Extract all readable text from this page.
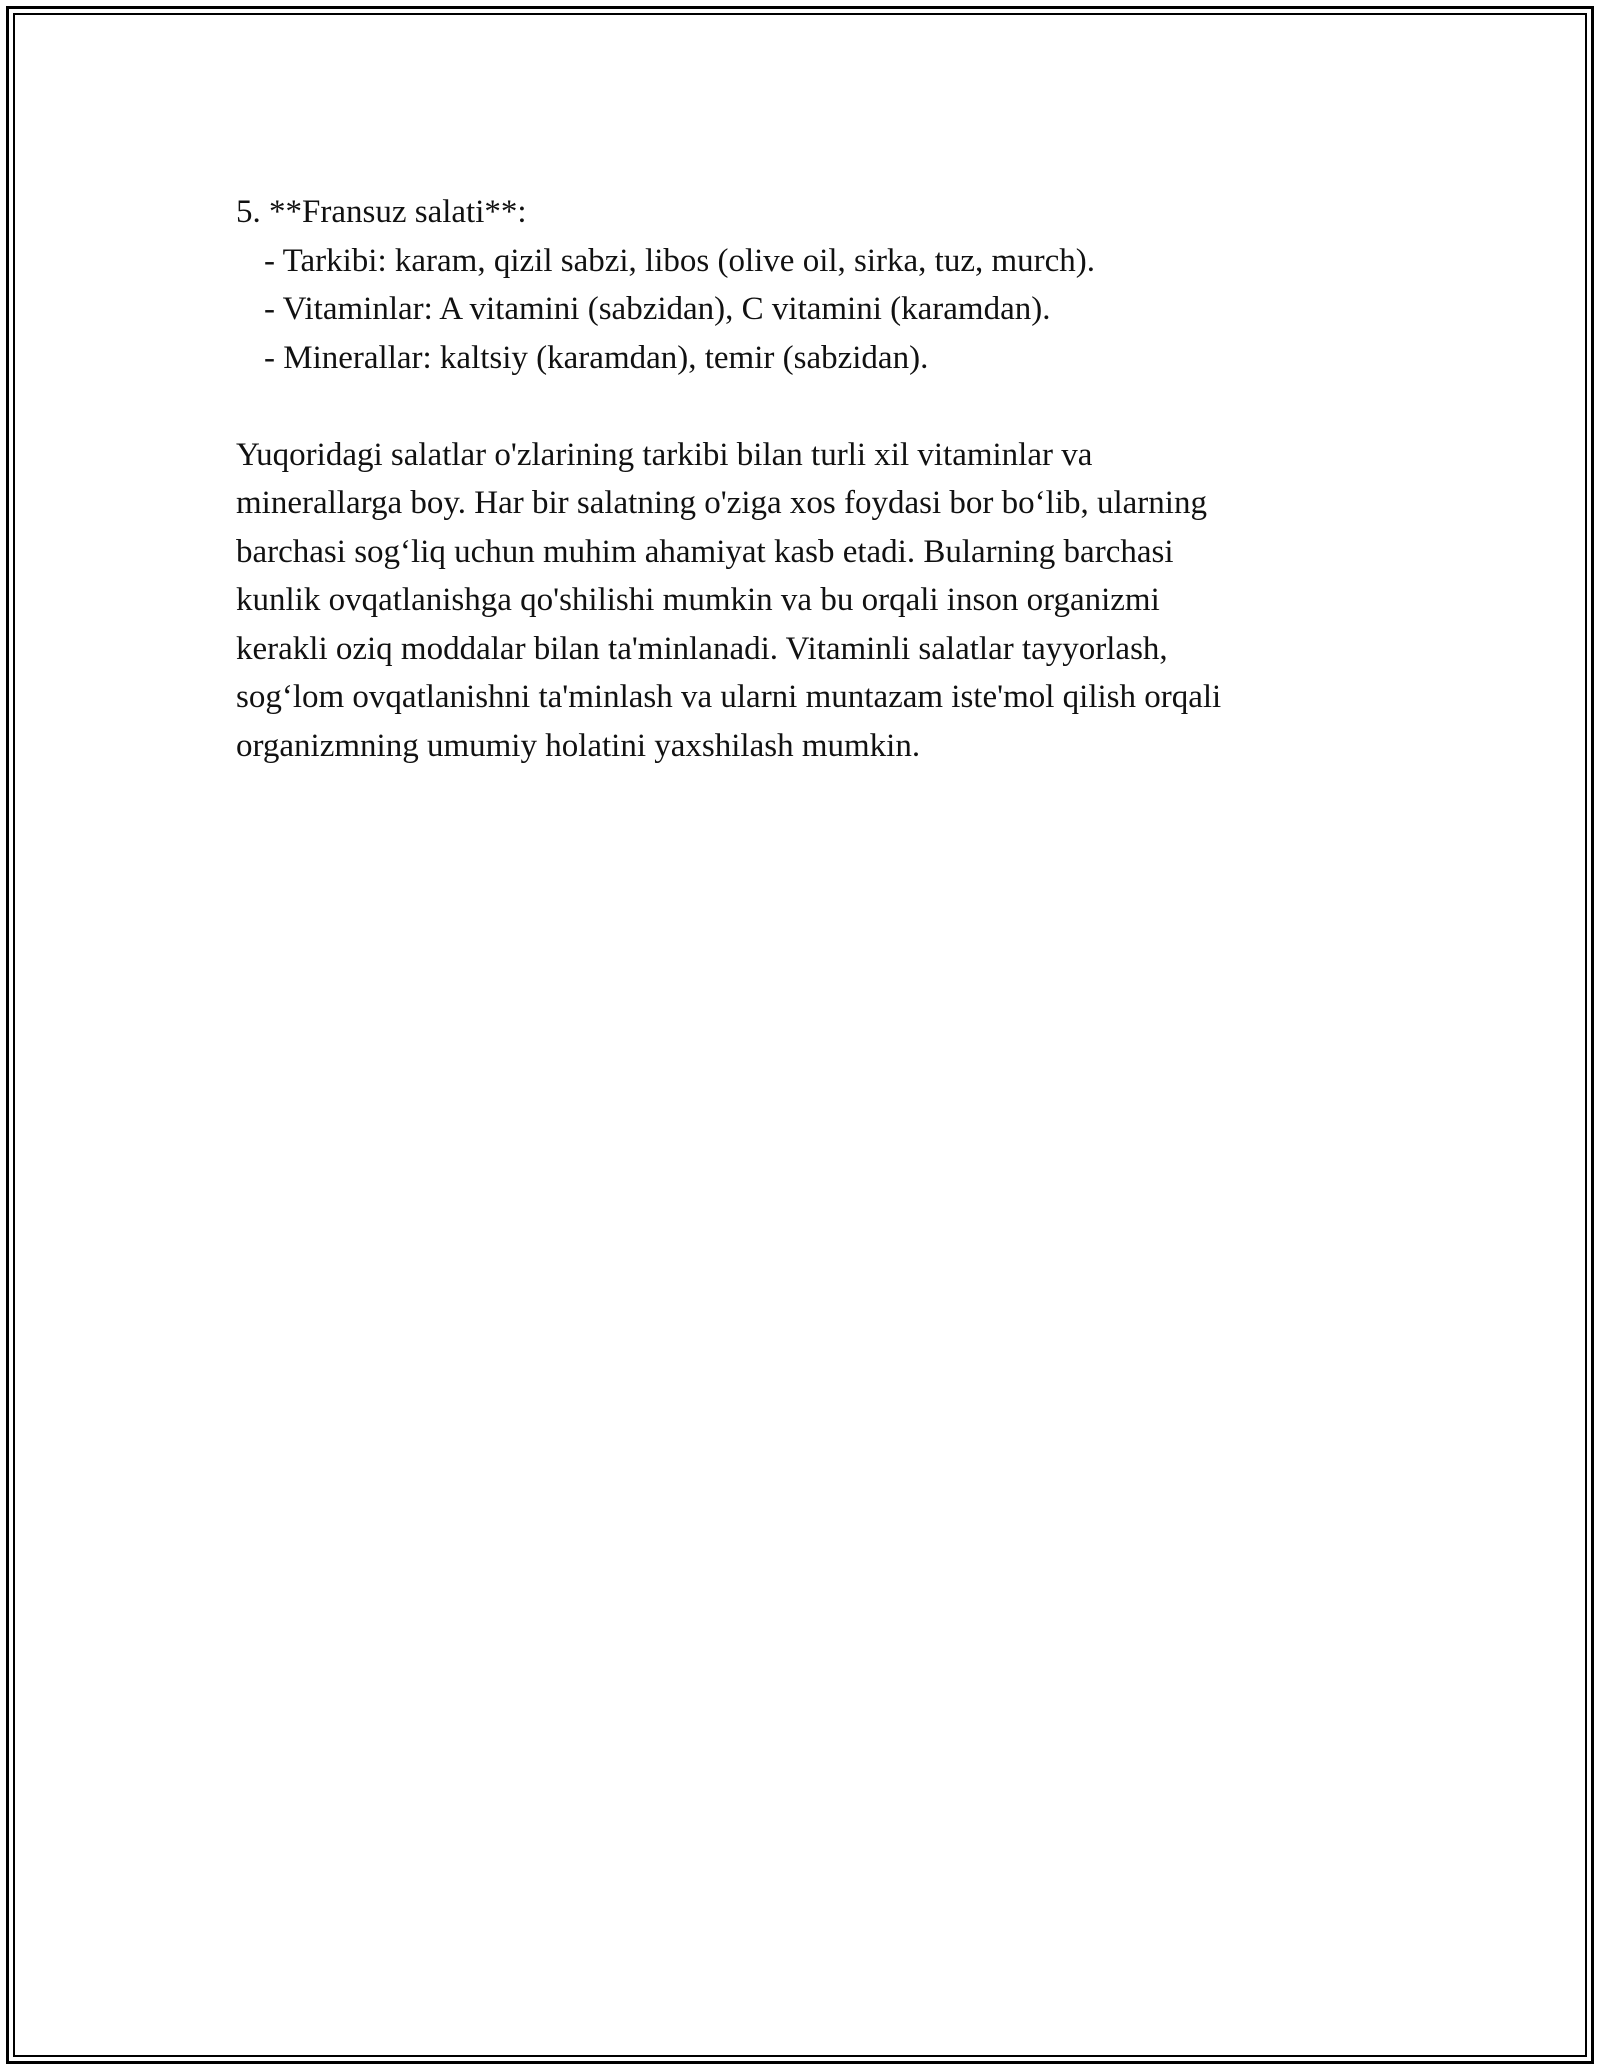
5. **Fransuz salati**:

- Tarkibi: karam, qizil sabzi, libos (olive oil, sirka, tuz, murch).

- Vitaminlar: A vitamini (sabzidan), C vitamini (karamdan).

- Minerallar: kaltsiy (karamdan), temir (sabzidan).

Yuqoridagi salatlar o'zlarining tarkibi bilan turli xil vitaminlar va

minerallarga boy. Har bir salatning o'ziga xos foydasi bor bo‘lib, ularning

barchasi sog‘liq uchun muhim ahamiyat kasb etadi. Bularning barchasi

kunlik ovqatlanishga qo'shilishi mumkin va bu orqali inson organizmi

kerakli oziq moddalar bilan ta'minlanadi. Vitaminli salatlar tayyorlash,

sog‘lom ovqatlanishni ta'minlash va ularni muntazam iste'mol qilish orqali

organizmning umumiy holatini yaxshilash mumkin.
